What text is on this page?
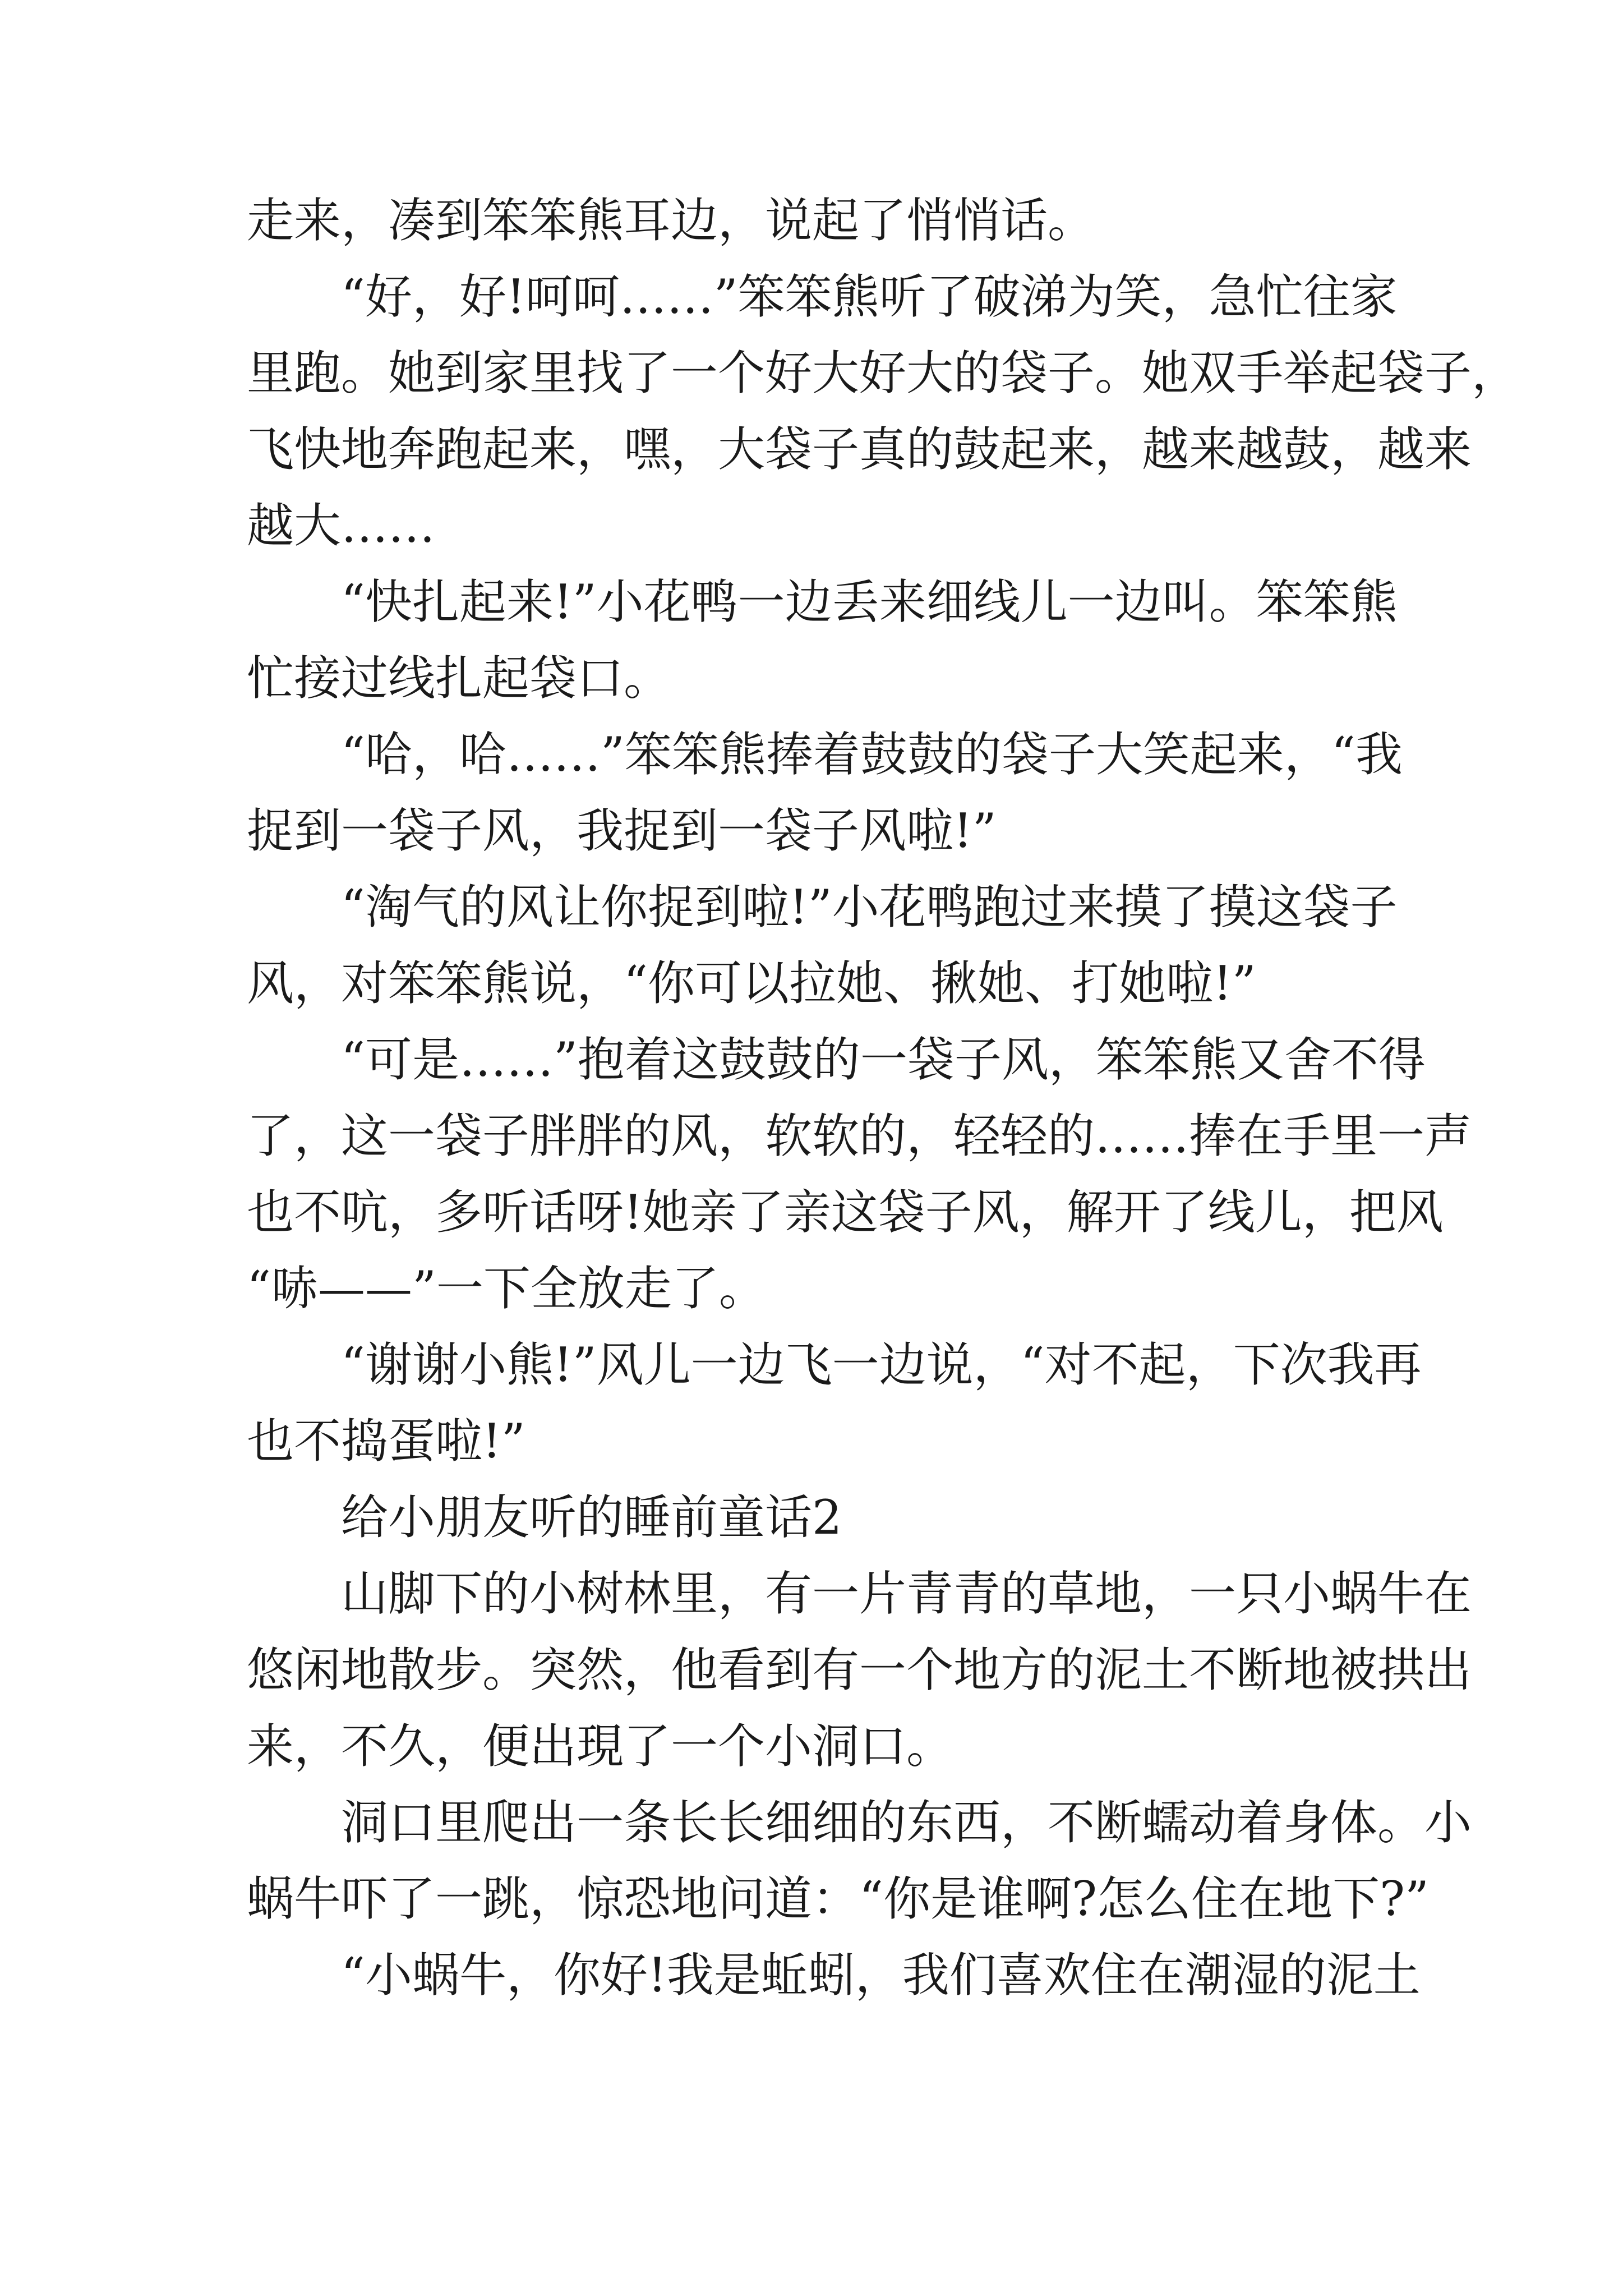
走来，凑到笨笨熊耳边，说起了悄悄话。
“好，好!呵呵……”笨笨熊听了破涕为笑，急忙往家
里跑。她到家里找了一个好大好大的袋子。她双手举起袋子，
飞快地奔跑起来，嘿，大袋子真的鼓起来，越来越鼓，越来
越大……
“快扎起来!”小花鸭一边丢来细线儿一边叫。笨笨熊
忙接过线扎起袋口。
“哈，哈……”笨笨熊捧着鼓鼓的袋子大笑起来，“我
捉到一袋子风，我捉到一袋子风啦!”
“淘气的风让你捉到啦!”小花鸭跑过来摸了摸这袋子
风，对笨笨熊说，“你可以拉她、揪她、打她啦!”
“可是……”抱着这鼓鼓的一袋子风，笨笨熊又舍不得
了，这一袋子胖胖的风，软软的，轻轻的……捧在手里一声
也不吭，多听话呀!她亲了亲这袋子风，解开了线儿，把风
“哧——”一下全放走了。
“谢谢小熊!”风儿一边飞一边说，“对不起，下次我再
也不捣蛋啦!”
给小朋友听的睡前童话2
山脚下的小树林里，有一片青青的草地，一只小蜗牛在
悠闲地散步。突然，他看到有一个地方的泥土不断地被拱出
来，不久，便出現了一个小洞口。
洞口里爬出一条长长细细的东西，不断蠕动着身体。小
蜗牛吓了一跳，惊恐地问道：“你是谁啊?怎么住在地下?”
“小蜗牛，你好!我是蚯蚓，我们喜欢住在潮湿的泥土
